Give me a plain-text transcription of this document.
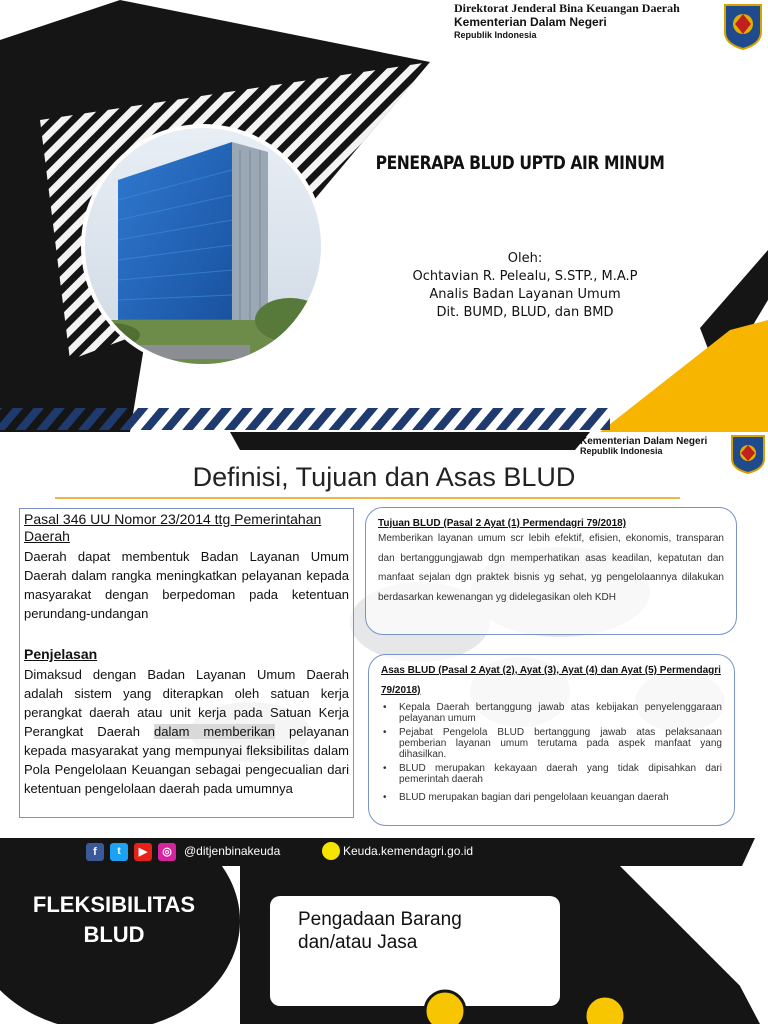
Direktorat Jenderal Bina Keuangan Daerah
Kementerian Dalam Negeri
Republik Indonesia
PENERAPA BLUD UPTD AIR MINUM
Oleh:
Ochtavian R. Pelealu, S.STP., M.A.P
Analis Badan Layanan Umum
Dit. BUMD, BLUD, dan BMD
Kementerian Dalam Negeri
Republik Indonesia
Definisi, Tujuan dan Asas BLUD
Pasal 346 UU Nomor 23/2014 ttg Pemerintahan Daerah
Daerah dapat membentuk Badan Layanan Umum Daerah dalam rangka meningkatkan pelayanan kepada masyarakat dengan berpedoman pada ketentuan perundang-undangan
Penjelasan
Dimaksud dengan Badan Layanan Umum Daerah adalah sistem yang diterapkan oleh satuan kerja perangkat daerah atau unit kerja pada Satuan Kerja Perangkat Daerah dalam memberikan pelayanan kepada masyarakat yang mempunyai fleksibilitas dalam Pola Pengelolaan Keuangan sebagai pengecualian dari ketentuan pengelolaan daerah pada umumnya
Tujuan BLUD (Pasal 2 Ayat (1) Permendagri 79/2018)
Memberikan layanan umum scr lebih efektif, efisien, ekonomis, transparan dan bertanggungjawab dgn memperhatikan asas keadilan, kepatutan dan manfaat sejalan dgn praktek bisnis yg sehat, yg pengelolaannya dilakukan berdasarkan kewenangan yg didelegasikan oleh KDH
Asas BLUD (Pasal 2 Ayat (2), Ayat (3), Ayat (4) dan Ayat (5) Permendagri 79/2018)
• Kepala Daerah bertanggung jawab atas kebijakan penyelenggaraan pelayanan umum
• Pejabat Pengelola BLUD bertanggung jawab atas pelaksanaan pemberian layanan umum terutama pada aspek manfaat yang dihasilkan.
• BLUD merupakan kekayaan daerah yang tidak dipisahkan dari pemerintah daerah
• BLUD merupakan bagian dari pengelolaan keuangan daerah
f	t	▶	◎	@ditjenbinakeuda	Keuda.kemendagri.go.id
FLEKSIBILITAS BLUD
Pengadaan Barang dan/atau Jasa
